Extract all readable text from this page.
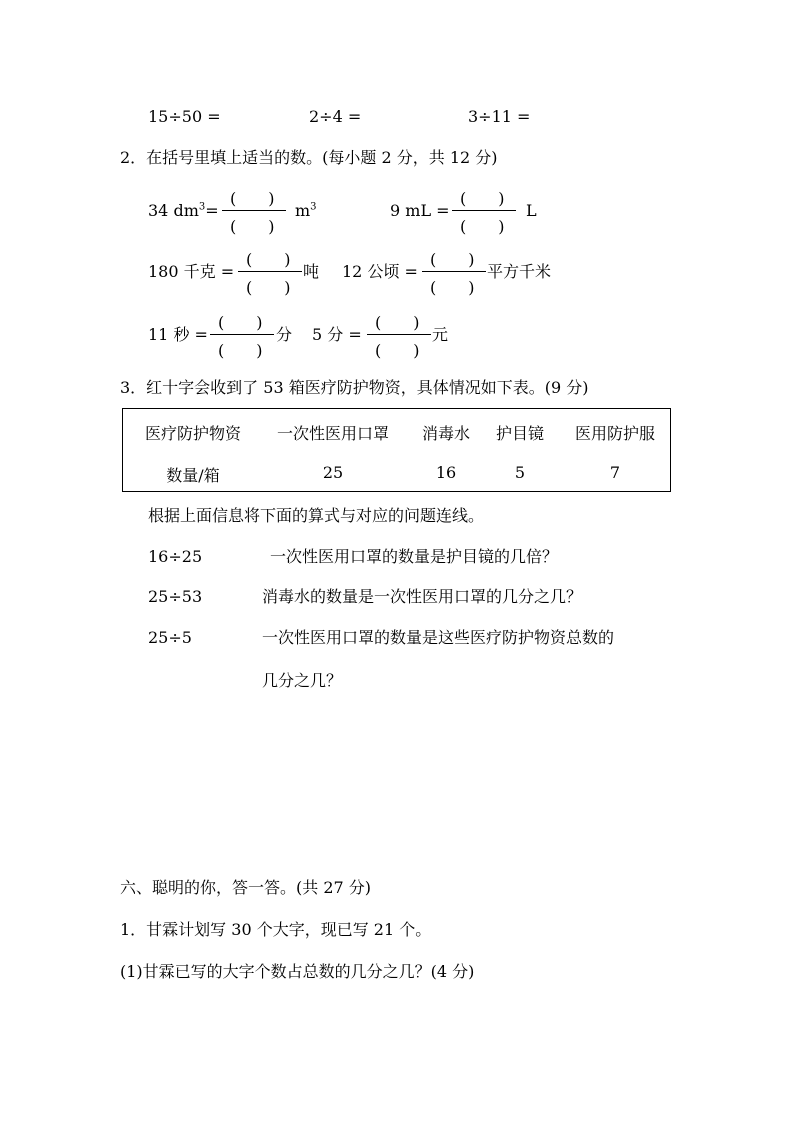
15÷50 =	2÷4 =	3÷11 =
2．在括号里填上适当的数。(每小题 2 分，共 12 分)
34 $dm^3=$
(　　)
(　　)
$m^3$	9 mL =
(　　)
(　　)
L
180 千克 =
(　　)
(　　)
吨 12 公顷 =
(　　)
(　　)
平方千米
11 秒 =
(　　)
(　　)
分 5 分 =
(　　)
(　　)
元
3．红十字会收到了 53 箱医疗防护物资，具体情况如下表。(9 分)
医疗防护物资	一次性医用口罩	消毒水	护目镜	医用防护服
数量/箱	25	16	5	7
根据上面信息将下面的算式与对应的问题连线。
16÷25	一次性医用口罩的数量是护目镜的几倍？
25÷53	消毒水的数量是一次性医用口罩的几分之几？
25÷5	一次性医用口罩的数量是这些医疗防护物资总数的
几分之几？
六、聪明的你，答一答。(共 27 分)
1．甘霖计划写 30 个大字，现已写 21 个。
(1)甘霖已写的大字个数占总数的几分之几？(4 分)
